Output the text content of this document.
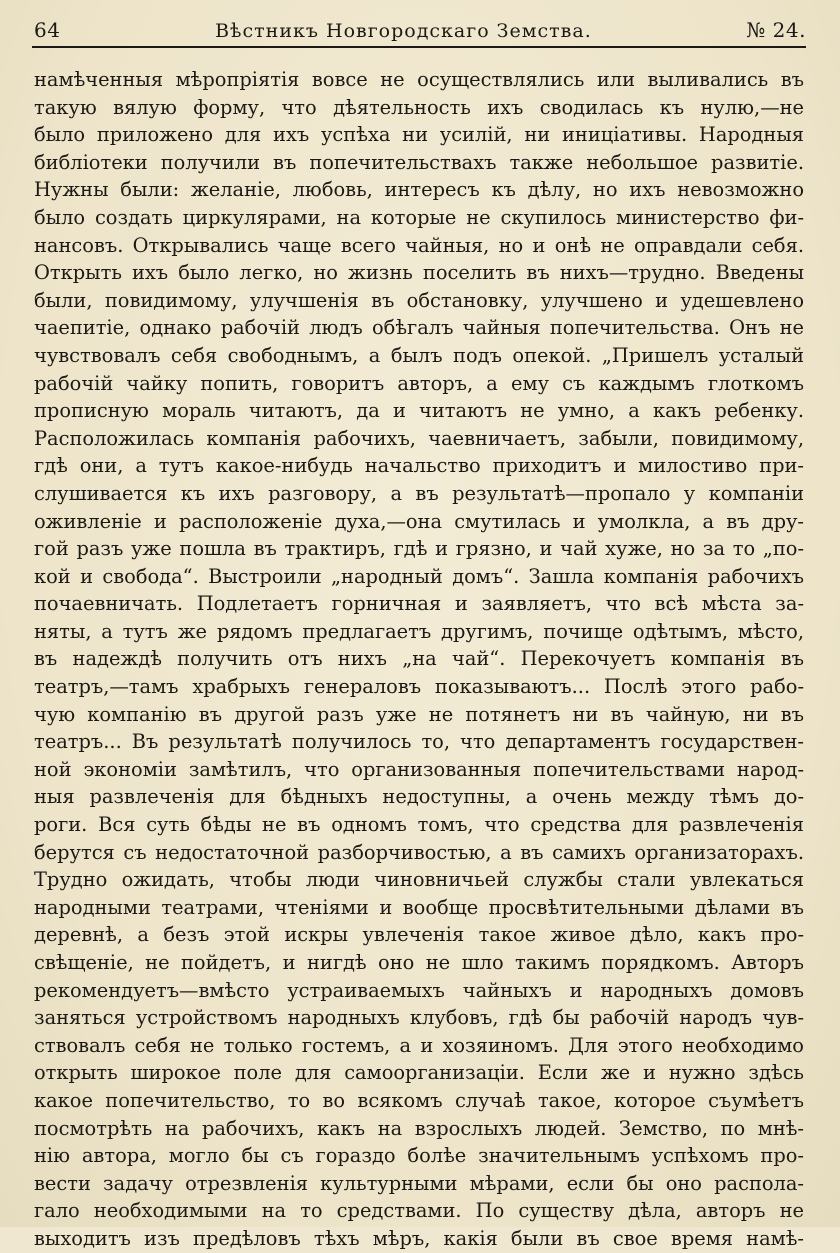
64	Вѣстникъ Новгородскаго Земства.	№ 24.
намѣченныя мѣропріятія вовсе не осуществлялись или выливались въ
такую вялую форму, что дѣятельность ихъ сводилась къ нулю,—не
было приложено для ихъ успѣха ни усилій, ни иниціативы. Народныя
библіотеки получили въ попечительствахъ также небольшое развитіе.
Нужны были: желаніе, любовь, интересъ къ дѣлу, но ихъ невозможно
было создать циркулярами, на которые не скупилось министерство фи-
нансовъ. Открывались чаще всего чайныя, но и онѣ не оправдали себя.
Открыть ихъ было легко, но жизнь поселить въ нихъ—трудно. Введены
были, повидимому, улучшенія въ обстановку, улучшено и удешевлено
чаепитіе, однако рабочій людъ обѣгалъ чайныя попечительства. Онъ не
чувствовалъ себя свободнымъ, а былъ подъ опекой. „Пришелъ усталый
рабочій чайку попить, говоритъ авторъ, а ему съ каждымъ глоткомъ
прописную мораль читаютъ, да и читаютъ не умно, а какъ ребенку.
Расположилась компанія рабочихъ, чаевничаетъ, забыли, повидимому,
гдѣ они, а тутъ какое-нибудь начальство приходитъ и милостиво при-
слушивается къ ихъ разговору, а въ результатѣ—пропало у компаніи
оживленіе и расположеніе духа,—она смутилась и умолкла, а въ дру-
гой разъ уже пошла въ трактиръ, гдѣ и грязно, и чай хуже, но за то „по-
кой и свобода“. Выстроили „народный домъ“. Зашла компанія рабочихъ
почаевничать. Подлетаетъ горничная и заявляетъ, что всѣ мѣста за-
няты, а тутъ же рядомъ предлагаетъ другимъ, почище одѣтымъ, мѣсто,
въ надеждѣ получить отъ нихъ „на чай“. Перекочуетъ компанія въ
театръ,—тамъ храбрыхъ генераловъ показываютъ... Послѣ этого рабо-
чую компанію въ другой разъ уже не потянетъ ни въ чайную, ни въ
театръ... Въ результатѣ получилось то, что департаментъ государствен-
ной экономіи замѣтилъ, что организованныя попечительствами народ-
ныя развлеченія для бѣдныхъ недоступны, а очень между тѣмъ до-
роги. Вся суть бѣды не въ одномъ томъ, что средства для развлеченія
берутся съ недостаточной разборчивостью, а въ самихъ организаторахъ.
Трудно ожидать, чтобы люди чиновничьей службы стали увлекаться
народными театрами, чтеніями и вообще просвѣтительными дѣлами въ
деревнѣ, а безъ этой искры увлеченія такое живое дѣло, какъ про-
свѣщеніе, не пойдетъ, и нигдѣ оно не шло такимъ порядкомъ. Авторъ
рекомендуетъ—вмѣсто устраиваемыхъ чайныхъ и народныхъ домовъ
заняться устройствомъ народныхъ клубовъ, гдѣ бы рабочій народъ чув-
ствовалъ себя не только гостемъ, а и хозяиномъ. Для этого необходимо
открыть широкое поле для самоорганизаціи. Если же и нужно здѣсь
какое попечительство, то во всякомъ случаѣ такое, которое съумѣетъ
посмотрѣть на рабочихъ, какъ на взрослыхъ людей. Земство, по мнѣ-
нію автора, могло бы съ гораздо болѣе значительнымъ успѣхомъ про-
вести задачу отрезвленія культурными мѣрами, если бы оно распола-
гало необходимыми на то средствами. По существу дѣла, авторъ не
выходитъ изъ предѣловъ тѣхъ мѣръ, какія были въ свое время намѣ-
